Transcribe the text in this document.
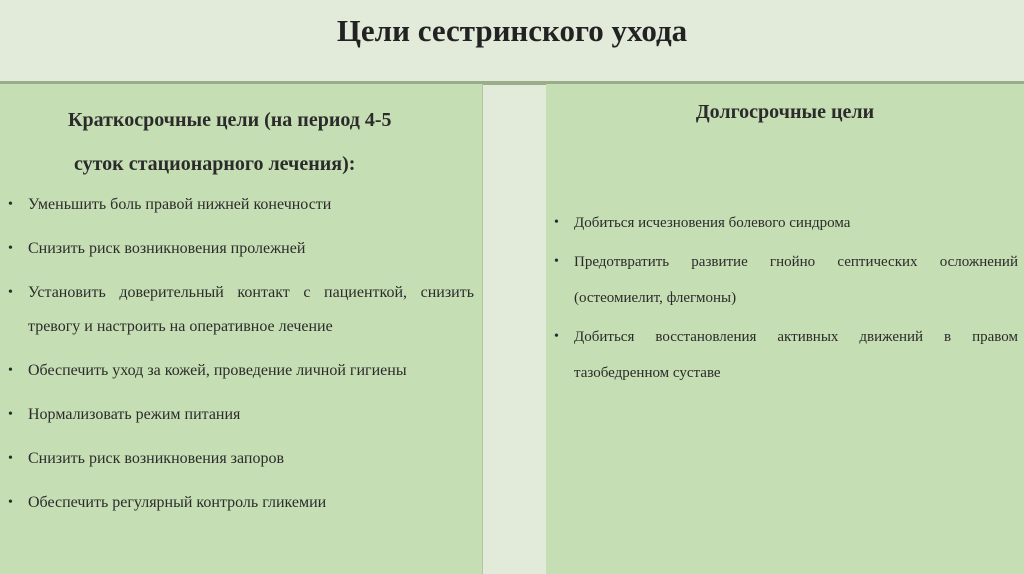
Цели сестринского ухода
Краткосрочные цели (на период 4-5
суток стационарного лечения):
• Уменьшить боль правой нижней конечности
• Снизить риск возникновения пролежней
• Установить доверительный контакт с пациенткой, снизить тревогу и настроить на оперативное лечение
• Обеспечить уход за кожей, проведение личной гигиены
• Нормализовать режим питания
• Снизить риск возникновения запоров
• Обеспечить регулярный контроль гликемии
Долгосрочные цели
•	Добиться исчезновения болевого синдрома
•	Предотвратить развитие гнойно септических осложнений (остеомиелит, флегмоны)
•	Добиться восстановления активных движений в правом тазобедренном суставе
